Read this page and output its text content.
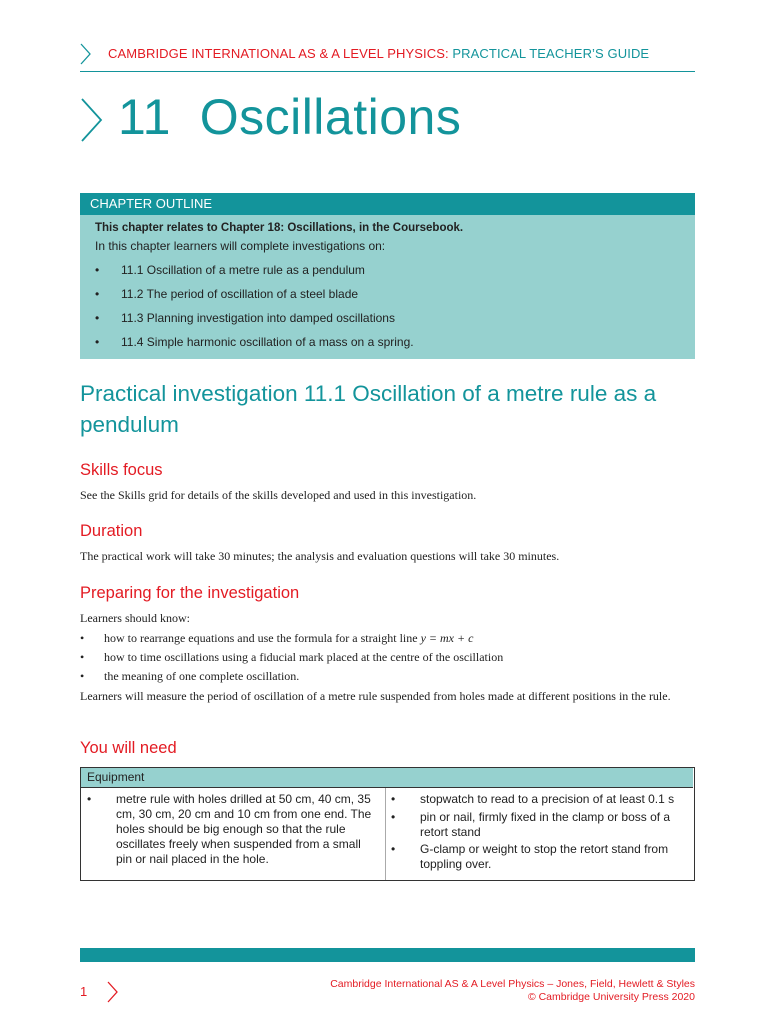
CAMBRIDGE INTERNATIONAL AS & A LEVEL PHYSICS: PRACTICAL TEACHER’S GUIDE
11 Oscillations
CHAPTER OUTLINE
This chapter relates to Chapter 18: Oscillations, in the Coursebook.
In this chapter learners will complete investigations on:
• 11.1 Oscillation of a metre rule as a pendulum
• 11.2 The period of oscillation of a steel blade
• 11.3 Planning investigation into damped oscillations
• 11.4 Simple harmonic oscillation of a mass on a spring.
Practical investigation 11.1 Oscillation of a metre rule as a pendulum
Skills focus
See the Skills grid for details of the skills developed and used in this investigation.
Duration
The practical work will take 30 minutes; the analysis and evaluation questions will take 30 minutes.
Preparing for the investigation
Learners should know:
• how to rearrange equations and use the formula for a straight line y = mx + c
• how to time oscillations using a fiducial mark placed at the centre of the oscillation
• the meaning of one complete oscillation.
Learners will measure the period of oscillation of a metre rule suspended from holes made at different positions in the rule.
You will need
Equipment
• metre rule with holes drilled at 50 cm, 40 cm, 35 cm, 30 cm, 20 cm and 10 cm from one end. The holes should be big enough so that the rule oscillates freely when suspended from a small pin or nail placed in the hole.
• stopwatch to read to a precision of at least 0.1 s
• pin or nail, firmly fixed in the clamp or boss of a retort stand
• G-clamp or weight to stop the retort stand from toppling over.
1	Cambridge International AS & A Level Physics – Jones, Field, Hewlett & Styles
© Cambridge University Press 2020
